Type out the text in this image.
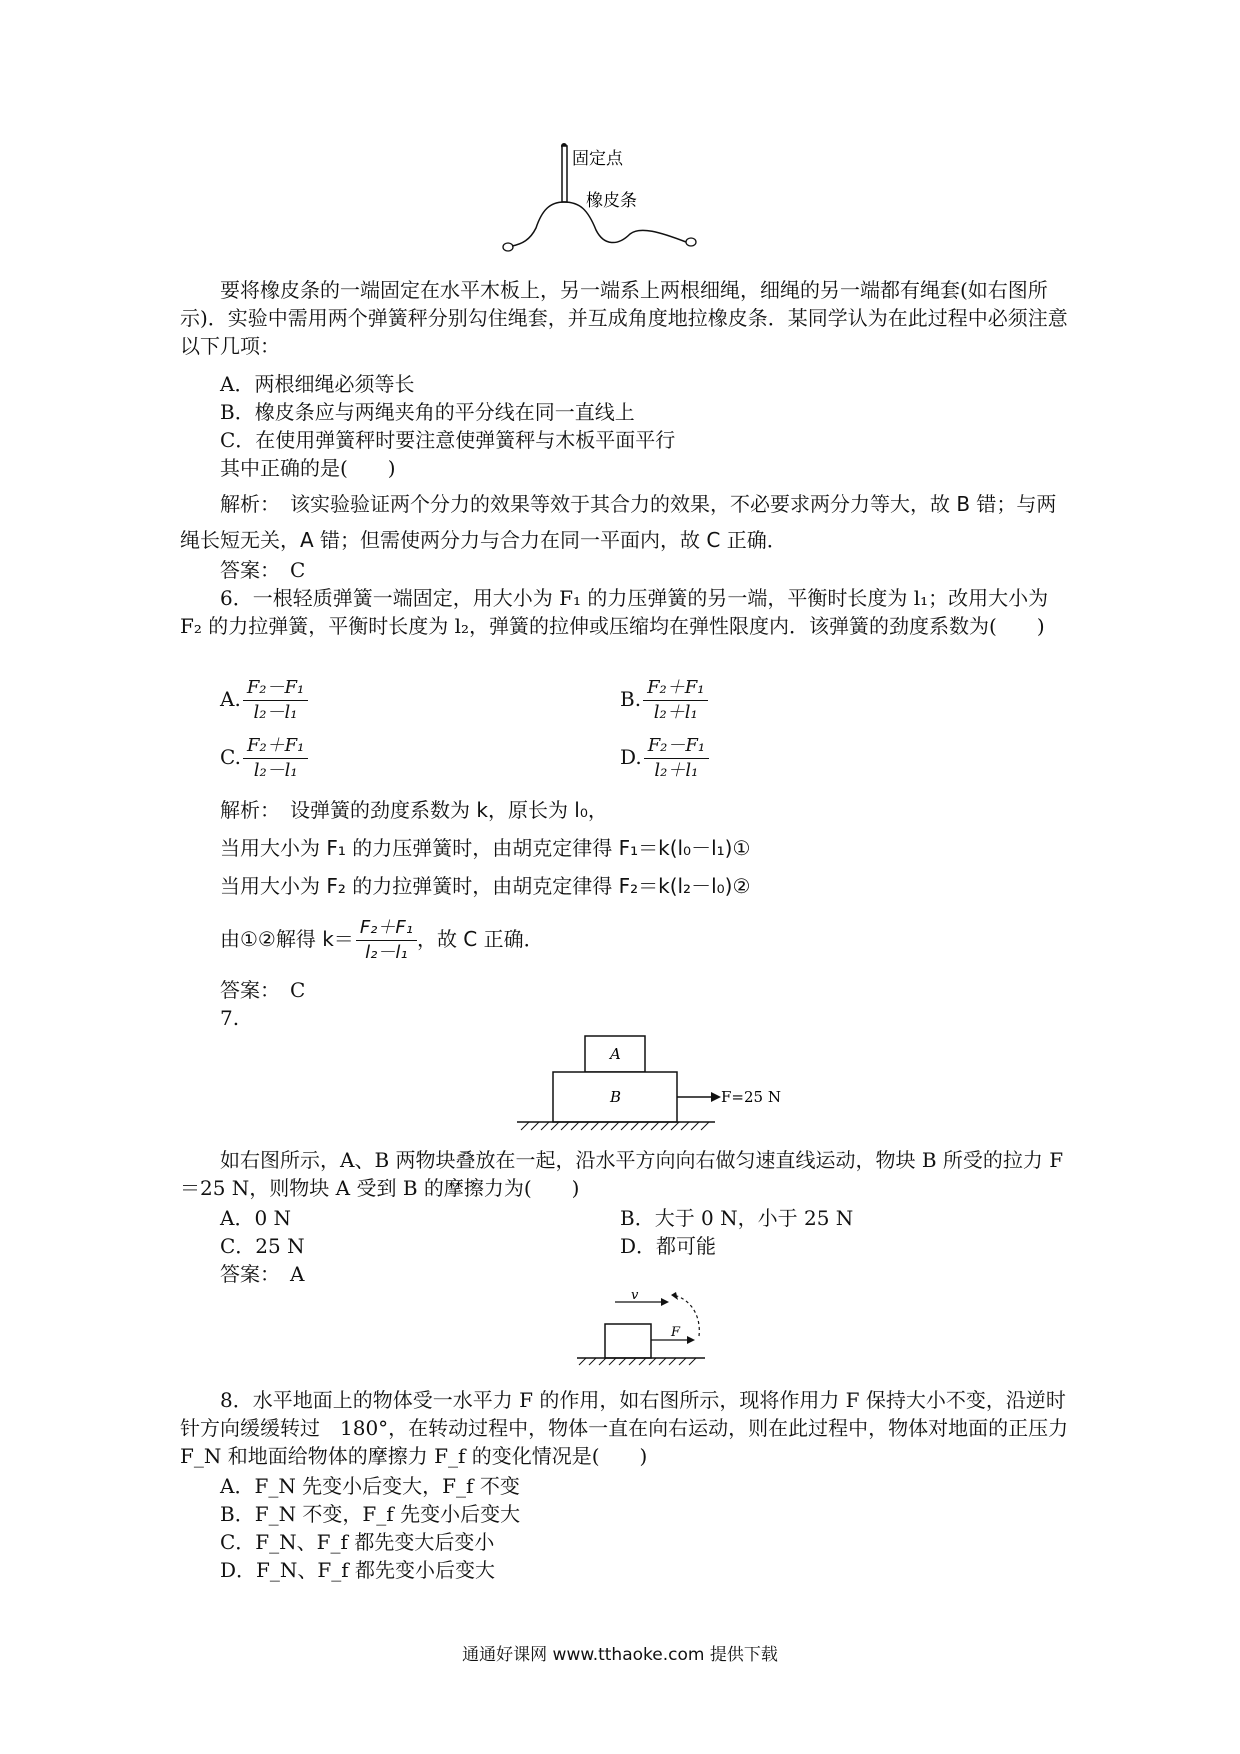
固定点
橡皮条
要将橡皮条的一端固定在水平木板上，另一端系上两根细绳，细绳的另一端都有绳套(如右图所示)．实验中需用两个弹簧秤分别勾住绳套，并互成角度地拉橡皮条．某同学认为在此过程中必须注意以下几项：
A．两根细绳必须等长
B．橡皮条应与两绳夹角的平分线在同一直线上
C．在使用弹簧秤时要注意使弹簧秤与木板平面平行
其中正确的是(　　)
解析：　该实验验证两个分力的效果等效于其合力的效果，不必要求两分力等大，故 B 错；与两绳长短无关，A 错；但需使两分力与合力在同一平面内，故 C 正确．
答案：　C
6．一根轻质弹簧一端固定，用大小为 F₁ 的力压弹簧的另一端，平衡时长度为 l₁；改用大小为 F₂ 的力拉弹簧，平衡时长度为 l₂，弹簧的拉伸或压缩均在弹性限度内．该弹簧的劲度系数为(　　)
A. $\frac{\text{F₂－F₁}}{\text{l₂－l₁}}$	B. $\frac{\text{F₂＋F₁}}{\text{l₂＋l₁}}$
C. $\frac{\text{F₂＋F₁}}{\text{l₂－l₁}}$	D. $\frac{\text{F₂－F₁}}{\text{l₂＋l₁}}$
解析：　设弹簧的劲度系数为 k，原长为 l₀，
当用大小为 F₁ 的力压弹簧时，由胡克定律得 F₁＝k(l₀－l₁)①
当用大小为 F₂ 的力拉弹簧时，由胡克定律得 F₂＝k(l₂－l₀)②
由①②解得 $k= \frac{\text{F₂＋F₁}}{\text{l₂－l₁}}$ ，故 C 正确．
答案：　C
7.
A
B	F=25 N
如右图所示，A、B 两物块叠放在一起，沿水平方向向右做匀速直线运动，物块 B 所受的拉力 F＝25 N，则物块 A 受到 B 的摩擦力为(　　)
A．0 N	B．大于 0 N，小于 25 N
C．25 N	D．都可能
答案：　A
v
F
8．水平地面上的物体受一水平力 F 的作用，如右图所示，现将作用力 F 保持大小不变，沿逆时针方向缓缓转过　180°，在转动过程中，物体一直在向右运动，则在此过程中，物体对地面的正压力 F_N 和地面给物体的摩擦力 F_f 的变化情况是(　　)
A．F_N 先变小后变大，F_f 不变
B．F_N 不变，F_f 先变小后变大
C．F_N、F_f 都先变大后变小
D．F_N、F_f 都先变小后变大
通通好课网 www.tthaoke.com 提供下载
